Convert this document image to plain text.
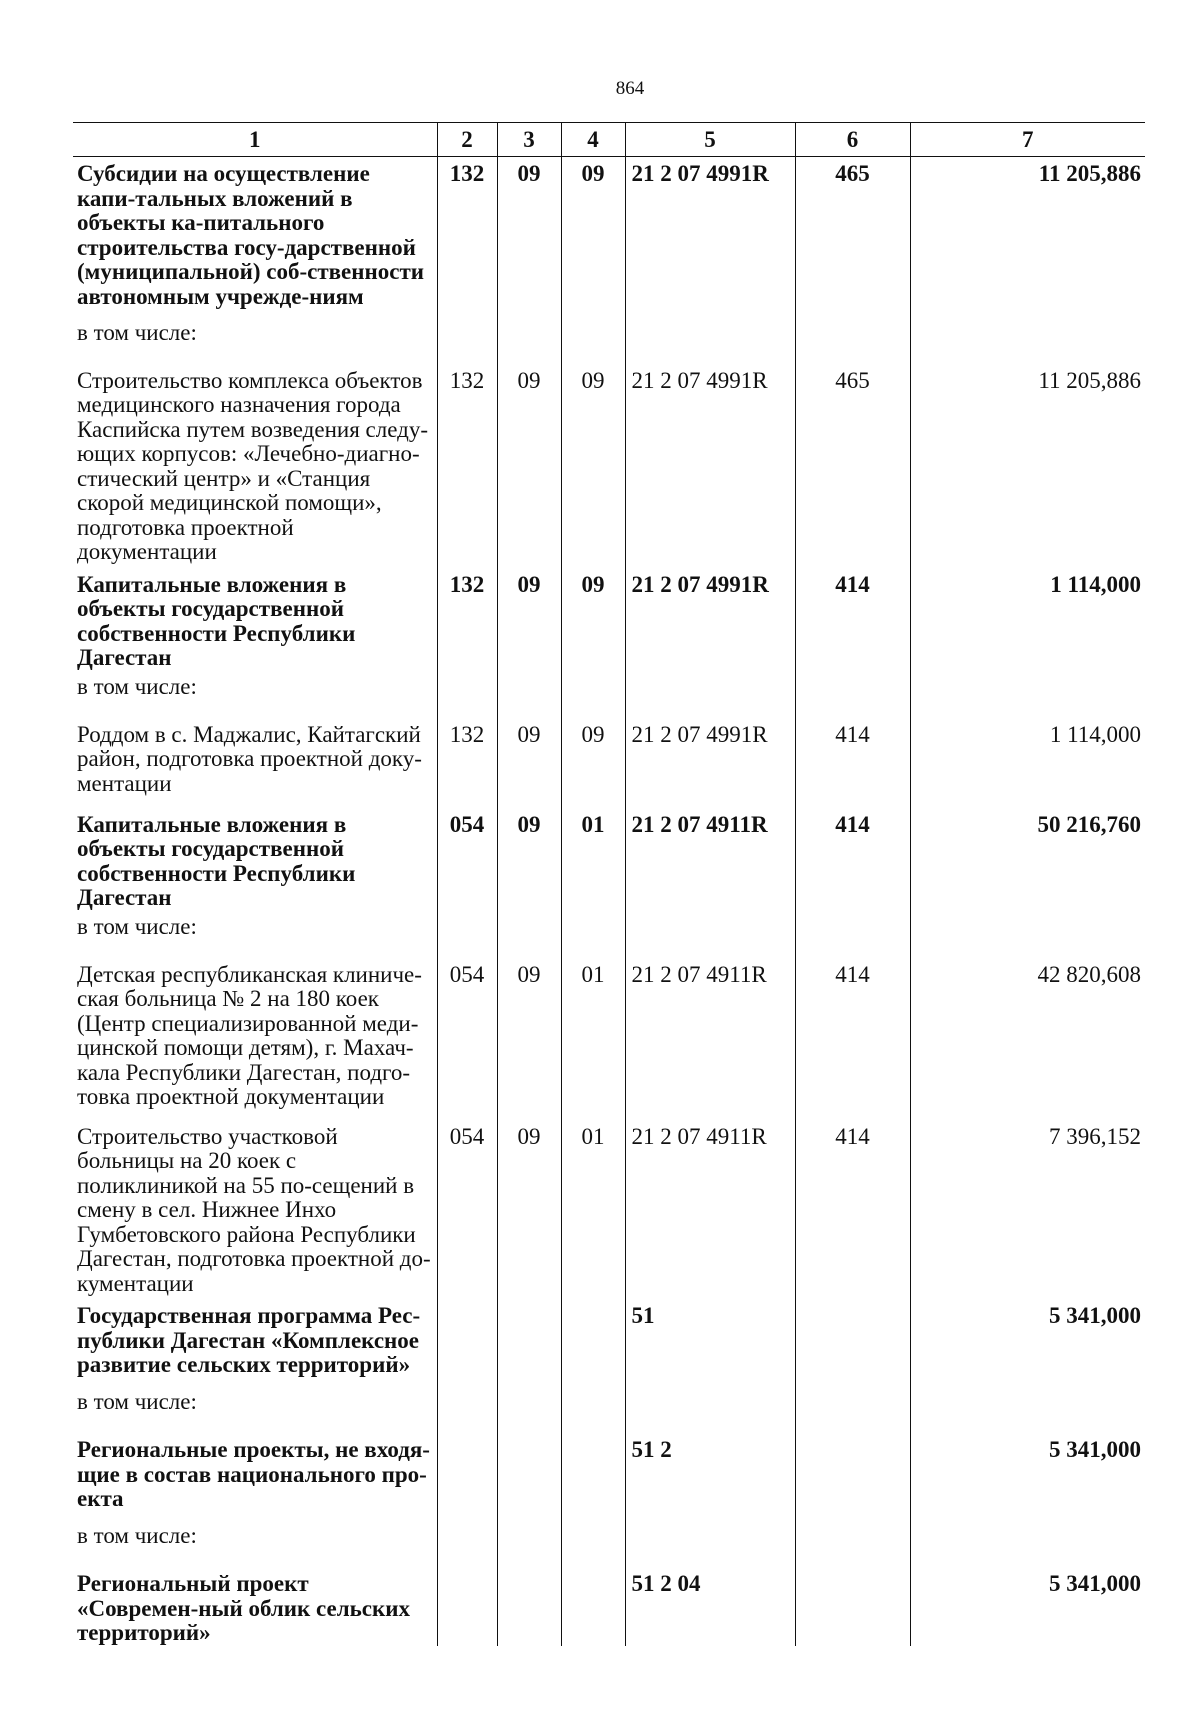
864
1	2	3	4	5	6	7
Субсидии на осуществление капи-тальных вложений в объекты ка-питального строительства госу-дарственной (муниципальной) соб-ственности автономным учрежде-ниям	132	09	09	21 2 07 4991R	465	11 205,886
в том числе:						
Строительство комплекса объектов медицинского назначения города Каспийска путем возведения следу-ющих корпусов: «Лечебно-диагно-стический центр» и «Станция скорой медицинской помощи», подготовка проектной документации	132	09	09	21 2 07 4991R	465	11 205,886
Капитальные вложения в объекты государственной собственности Республики Дагестан	132	09	09	21 2 07 4991R	414	1 114,000
в том числе:						
Роддом в с. Маджалис, Кайтагский район, подготовка проектной доку-ментации	132	09	09	21 2 07 4991R	414	1 114,000
Капитальные вложения в объекты государственной собственности Республики Дагестан	054	09	01	21 2 07 4911R	414	50 216,760
в том числе:						
Детская республиканская клиниче-ская больница № 2 на 180 коек (Центр специализированной меди-цинской помощи детям), г. Махач-кала Республики Дагестан, подго-товка проектной документации	054	09	01	21 2 07 4911R	414	42 820,608
Строительство участковой больницы на 20 коек с поликлиникой на 55 по-сещений в смену в сел. Нижнее Инхо Гумбетовского района Республики Дагестан, подготовка проектной до-кументации	054	09	01	21 2 07 4911R	414	7 396,152
Государственная программа Рес-публики Дагестан «Комплексное развитие сельских территорий»				51		5 341,000
в том числе:						
Региональные проекты, не входя-щие в состав национального про-екта				51 2		5 341,000
в том числе:						
Региональный проект «Современ-ный облик сельских территорий»				51 2 04		5 341,000
